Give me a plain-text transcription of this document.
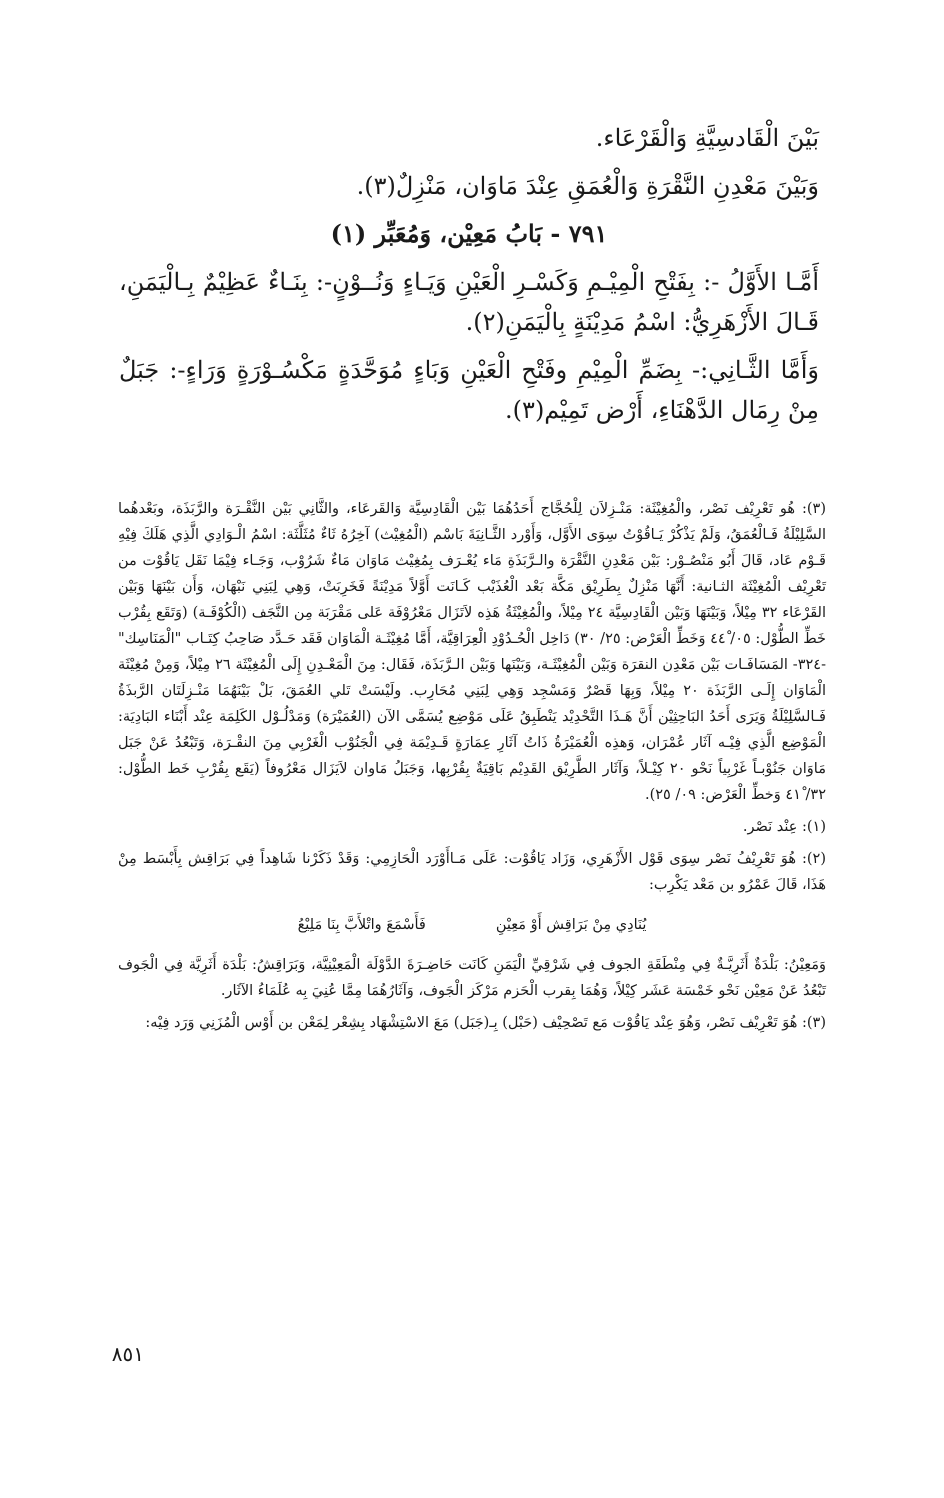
بَيْنَ الْقَادسِيَّةِ وَالْقَرْعَاء.

وَبَيْنَ مَعْدِنِ النَّقْرَةِ وَالْعُمَقِ عِنْدَ مَاوَان، مَنْزِلٌ(٣).

٧٩١ - بَابُ مَعِيْن، وَمُعَبِّر (١)

أَمَّـا الأَوَّلُ -: بِفَتْحِ الْمِيْـمِ وَكَسْـرِ الْعَيْنِ وَيَـاءٍ وَنُــوْنٍ-: بِنَـاءٌ عَظِيْمٌ بِـالْيَمَنِ، قَـالَ الأَزْهَرِيُّ: اسْمُ مَدِيْنَةٍ بِالْيَمَنِ(٢).

وَأَمَّا الثَّـانِي:- بِضَمِّ الْمِيْمِ وفَتْحِ الْعَيْنِ وَبَاءٍ مُوَحَّدَةٍ مَكْسُـوْرَةٍ وَرَاءٍ-: جَبَلٌ مِنْ رِمَال الدَّهْنَاءِ، أَرْض تَمِيْم(٣).

(٣): هُو تَعْرِيْف نَصْر، والْمُغِيْثَة: مَنْـزِلاَن لِلْحُجَّاج أَحَدُهُمَا بَيْن الْقَادِسِيَّة وَالقَرعَاء، والثَّانِي بَيْن النَّقْـرَة والرَّبَذَة، وبَعْدهُما السَّلِيْلَةُ فَـالْعُمَقُ، وَلَمْ يَذْكُرْ يَـاقُوْتُ سِوَى الأَوَّل، وَأَوْرد الثَّـانِيَةَ بَاسْم (الْمُغِيْث) آخِرُهُ ثَاءٌ مُثَلَّثَة: اسْمُ الْـوَادِي الَّذِي هَلَكَ فِيْهِ قَـوْم عَاد، قَالَ أَبُو مَنْصُـوْر: بَيْن مَعْدِنِ النَّقْرَة والـرَّبَذَةِ مَاء يُعْـرَف بِمُغِيْث مَاوَان مَاءٌ شَرُوْب، وَجَـاء فِيْمَا نَقَل يَاقُوْت من تَعْرِيْف الْمُغِيْثَة الثـانية: أَنَّهَا مَنْزِلٌ بِطَرِيْق مَكَّة بَعْد الْعُذَيْب كَـانَت أَوَّلاً مَدِيْنَةً فَخَرِبَتْ، وَهِي لِبَنِي نَبْهَان، وَأَن بَيْنَهَا وَبَيْن القَرْعَاء ٣٢ مِيْلاً، وَبَيْنَهَا وَبَيْن الْقَادِسِيَّة ٢٤ مِيْلاً، والْمُغِيْثَةُ هَذِه لاَتَزَال مَعْرُوْفَة عَلى مَقْرَبَة مِن النَّجَف (الْكُوْفَـة) (وَتَقَع بِقُرْب خَطِّ الطُّوْل: ٠٥/ ٤٤ْ وَخَطِّ الْعَرْض: ٢٥/ ٣٠) دَاخِل الْحُـدُوْدِ الْعِرَاقِيَّة، أَمَّا مُغِيْثَـة الْمَاوَان فَقَد حَـدَّد صَاحِبُ كِتَـاب "الْمَنَاسِك" -٣٢٤- المَسَافَـات بَيْن مَعْدِن النقرَة وَبَيْن الْمُغِيْثَـة، وَبَيْنَها وَبَيْن الـرَّبَذَة، فَقَال: مِنَ الْمَعْـدِنِ إِلَى الْمُغِيْثَة ٢٦ مِيْلاً، وَمِنْ مُغِيْثَة الْمَاوَان إِلَـى الرَّبَذَة ٢٠ مِيْلاً، وَبِهَا قَصْرٌ وَمَسْجِد وَهِي لِبَنِي مُحَارِب. ولَيْسَتْ تَلي العُمَقَ، بَلْ بَيْنَهُمَا مَنْـزِلَتَان الرَّبذَةُ فَـالسَّلِيْلَةُ وَيَرَى أَحَدُ البَاحِثِيْن أَنَّ هَـذَا التَّحْدِيْد يَنْطَبِقُ عَلَى مَوْضِع يُسَمَّى الآن (العُمَيْرَة) وَمَدْلُـوْل الكَلِمَة عِنْد أَبْنَاء البَادِيَة: الْمَوْضِع الَّذِي فِيْـه آثَار عُمْرَان، وَهذِه الْعُمَيْرَةُ ذَاتُ آثَارِ عِمَارَةٍ قَـدِيْمَة فِي الْجَنُوْب الْغَرْبِي مِنَ النقْـرَة، وَتَبْعُدُ عَنْ جَبَل مَاوَان جَنُوْبـاً غَرْبِياً نَحْو ٢٠ كِيْـلاً، وَآثَار الطَّرِيْق القَدِيْم بَاقِيَةٌ بِقُرْبِها، وَجَبَلُ مَاوان لاَيَزَال مَعْرُوفاً (يَقَع بِقُرْبِ خَط الطُّوْل: ٣٢/ ٤١ْ وَخطِّ الْعَرْض: ٠٩/ ٢٥).

(١): عِنْد نَصْر.

(٢): هُوَ تَعْرِيْفُ نَصْر سِوَى قَوْل الأَزْهَرِي، وَزَاد يَاقُوْت: عَلَى مَـاأَوْرَد الْحَازِمِي: وَقَدْ ذَكَرْنا شَاهِداً فِي بَرَاقِش بِأَبْسَط مِنْ هَذَا، قَالَ عَمْرُو بن مَعْد يَكْرِب:

يُنَادِي مِنْ بَرَاقِش أَوْ مَعِيْنِ
فَأَسْمَعَ واتْلأَبَّ بِنَا مَلِيْعُ

وَمَعِيْنُ: بَلْدَةٌ أَثَرِيَّـةٌ فِي مِنْطَقَةِ الجوف فِي شَرْقِيِّ الْيَمَنِ كَانَت حَاضِـرَةَ الدَّوْلَة الْمَعِيْنِيَّة، وَبَرَاقِشُ: بَلْدَة أَثَرِيَّة فِي الْجَوف تَبْعُدُ عَنْ مَعِيْن نَحْو خَمْسَة عَشَر كِيْلاً، وَهُمَا بِقرب الْحَزم مَرْكَز الْجَوف، وَآثَارُهُمَا مِمَّا عُنِيَ بِه عُلَمَاءُ الآثَار.

(٣): هُوَ تَعْرِيْف نَصْر، وَهُوَ عِنْد يَاقُوْت مَع تَصْحِيْف (حَبْل) بِـ(جَبَل) مَعَ الاسْتِشْهَاد بِشِعْر لِمَعْن بن أَوْس الْمُزَنِي وَرَد فِيْه:

٨٥١
